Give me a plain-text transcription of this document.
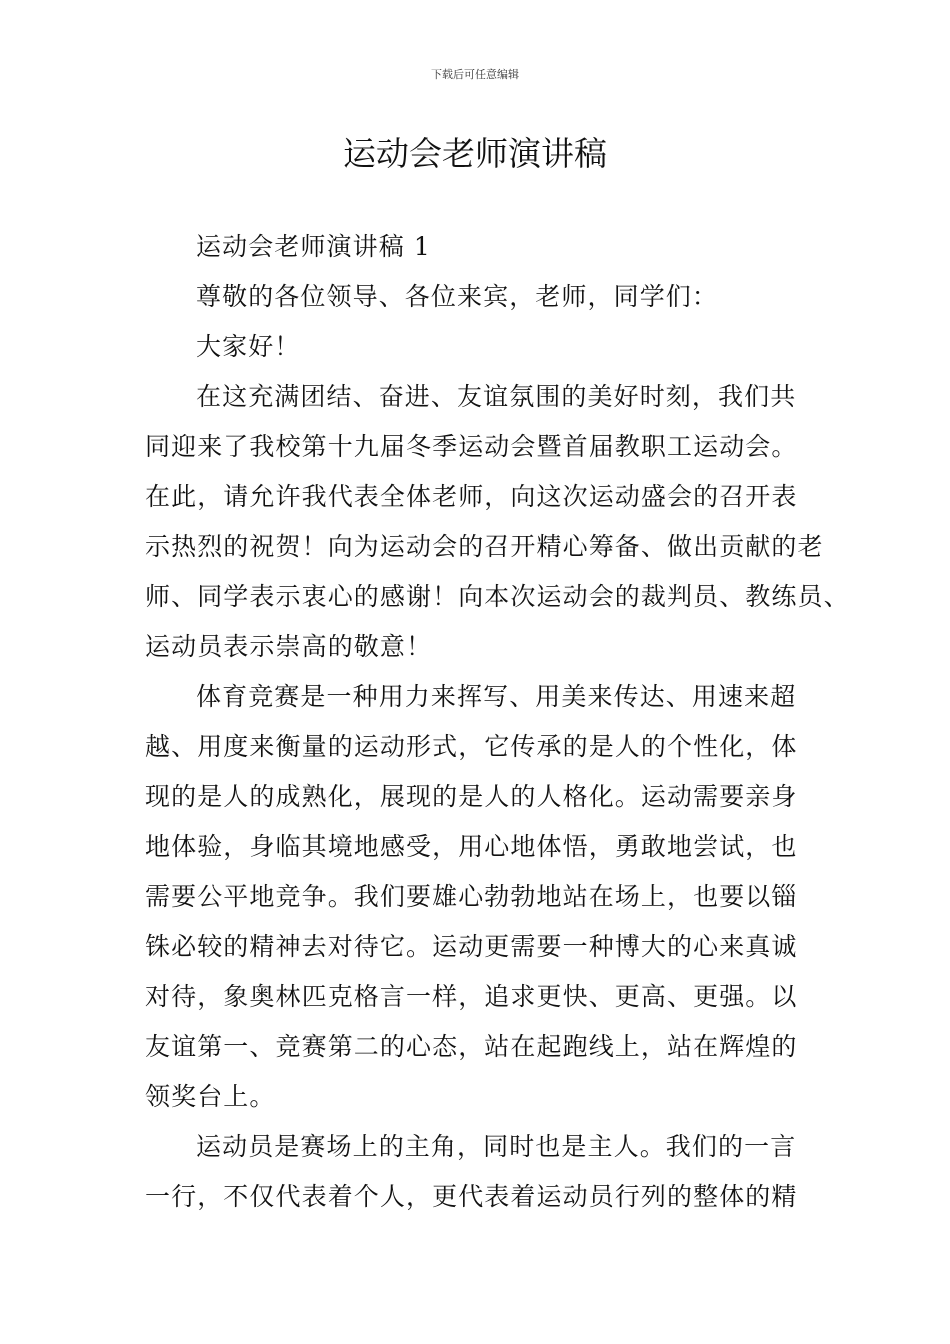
下载后可任意编辑
运动会老师演讲稿
运动会老师演讲稿 1
尊敬的各位领导、各位来宾，老师，同学们：
大家好！
在这充满团结、奋进、友谊氛围的美好时刻，我们共
同迎来了我校第十九届冬季运动会暨首届教职工运动会。
在此，请允许我代表全体老师，向这次运动盛会的召开表
示热烈的祝贺！向为运动会的召开精心筹备、做出贡献的老
师、同学表示衷心的感谢！向本次运动会的裁判员、教练员、
运动员表示崇高的敬意！
体育竞赛是一种用力来挥写、用美来传达、用速来超
越、用度来衡量的运动形式，它传承的是人的个性化，体
现的是人的成熟化，展现的是人的人格化。运动需要亲身
地体验，身临其境地感受，用心地体悟，勇敢地尝试，也
需要公平地竞争。我们要雄心勃勃地站在场上，也要以锱
铢必较的精神去对待它。运动更需要一种博大的心来真诚
对待，象奥林匹克格言一样，追求更快、更高、更强。以
友谊第一、竞赛第二的心态，站在起跑线上，站在辉煌的
领奖台上。
运动员是赛场上的主角，同时也是主人。我们的一言
一行，不仅代表着个人，更代表着运动员行列的整体的精
